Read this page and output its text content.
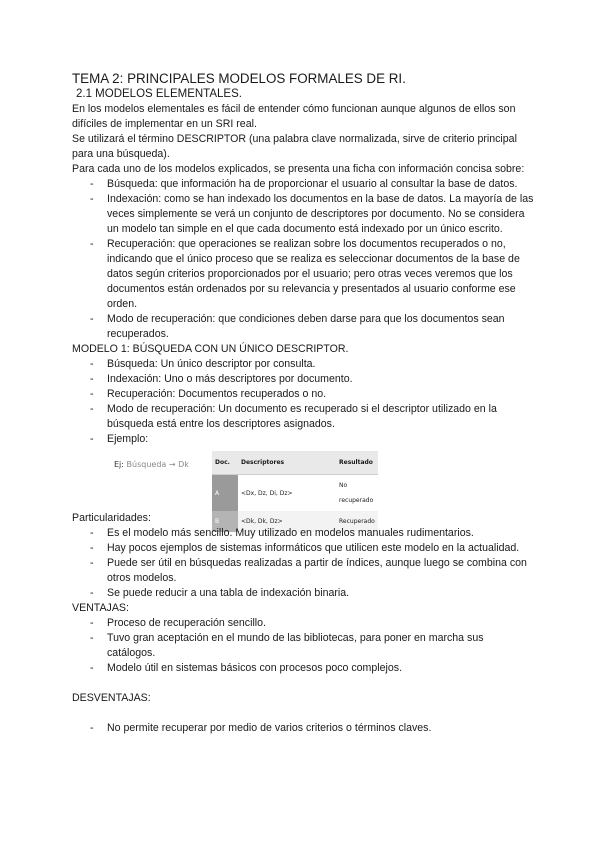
TEMA 2: PRINCIPALES MODELOS FORMALES DE RI.
2.1 MODELOS ELEMENTALES.

En los modelos elementales es fácil de entender cómo funcionan aunque algunos de ellos son difíciles de implementar en un SRI real.

Se utilizará el término DESCRIPTOR (una palabra clave normalizada, sirve de criterio principal para una búsqueda).

Para cada uno de los modelos explicados, se presenta una ficha con información concisa sobre:

- Búsqueda: que información ha de proporcionar el usuario al consultar la base de datos.
- Indexación: como se han indexado los documentos en la base de datos. La mayoría de las veces simplemente se verá un conjunto de descriptores por documento. No se considera un modelo tan simple en el que cada documento está indexado por un único escrito.
- Recuperación: que operaciones se realizan sobre los documentos recuperados o no, indicando que el único proceso que se realiza es seleccionar documentos de la base de datos según criterios proporcionados por el usuario; pero otras veces veremos que los documentos están ordenados por su relevancia y presentados al usuario conforme ese orden.
- Modo de recuperación: que condiciones deben darse para que los documentos sean recuperados.

MODELO 1: BÚSQUEDA CON UN ÚNICO DESCRIPTOR.

- Búsqueda: Un único descriptor por consulta.
- Indexación: Uno o más descriptores por documento.
- Recuperación: Documentos recuperados o no.
- Modo de recuperación: Un documento es recuperado si el descriptor utilizado en la búsqueda está entre los descriptores asignados.
- Ejemplo:
Ej: Búsqueda → Dk	Doc.	Descriptores	Resultado
A	<Dx, Dz, Di, Dz>	No recuperado
B	<Dk, Dk, Dz>	Recuperado

Particularidades:

- Es el modelo más sencillo. Muy utilizado en modelos manuales rudimentarios.
- Hay pocos ejemplos de sistemas informáticos que utilicen este modelo en la actualidad.
- Puede ser útil en búsquedas realizadas a partir de índices, aunque luego se combina con otros modelos.
- Se puede reducir a una tabla de indexación binaria.

VENTAJAS:

- Proceso de recuperación sencillo.
- Tuvo gran aceptación en el mundo de las bibliotecas, para poner en marcha sus catálogos.
- Modelo útil en sistemas básicos con procesos poco complejos.

DESVENTAJAS:

- No permite recuperar por medio de varios criterios o términos claves.
